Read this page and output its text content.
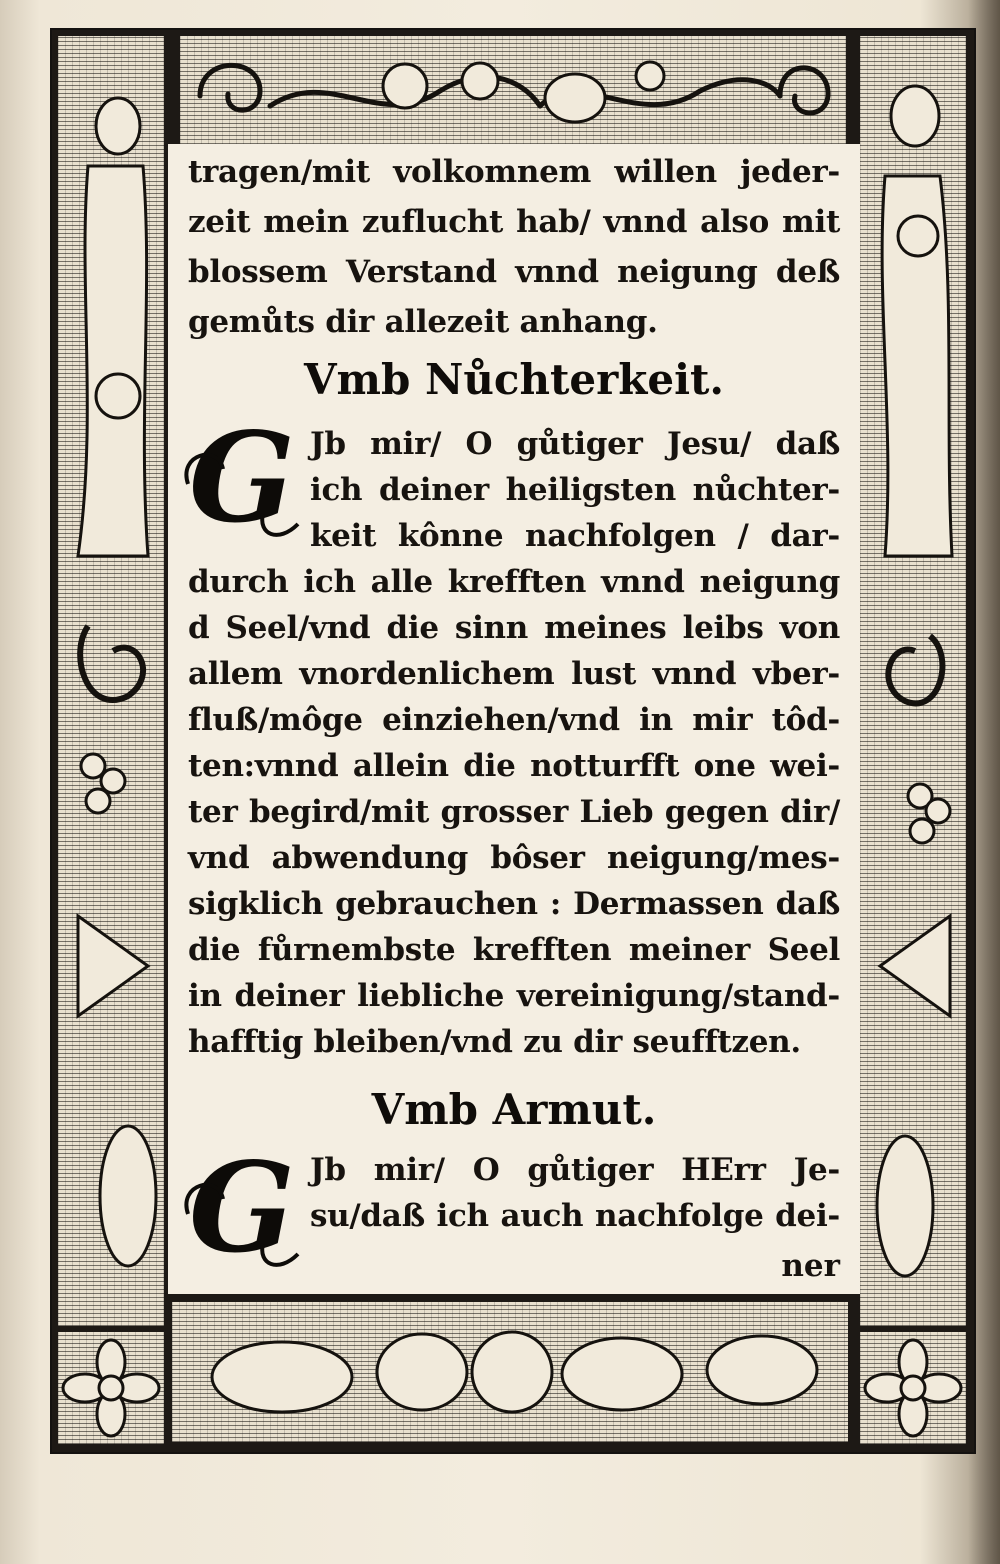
tragen/mit volkomnem willen jeder-
zeit mein zuflucht hab/ vnnd also mit
blossem Verstand vnnd neigung deß
gemůts dir allezeit anhang.
Vmb Nůchterkeit.
G Jb mir/ O gůtiger Jesu/ daß
ich deiner heiligsten nůchter-
keit kônne nachfolgen / dar-
durch ich alle krefften vnnd neigung
d Seel/vnd die sinn meines leibs von
allem vnordenlichem lust vnnd vber-
fluß/môge einziehen/vnd in mir tôd-
ten:vnnd allein die notturfft one wei-
ter begird/mit grosser Lieb gegen dir/
vnd abwendung bôser neigung/mes-
sigklich gebrauchen : Dermassen daß
die fůrnembste krefften meiner Seel
in deiner liebliche vereinigung/stand-
hafftig bleiben/vnd zu dir seufftzen.
Vmb Armut.
G Jb mir/ O gůtiger HErr Je-
su/daß ich auch nachfolge dei-
ner
